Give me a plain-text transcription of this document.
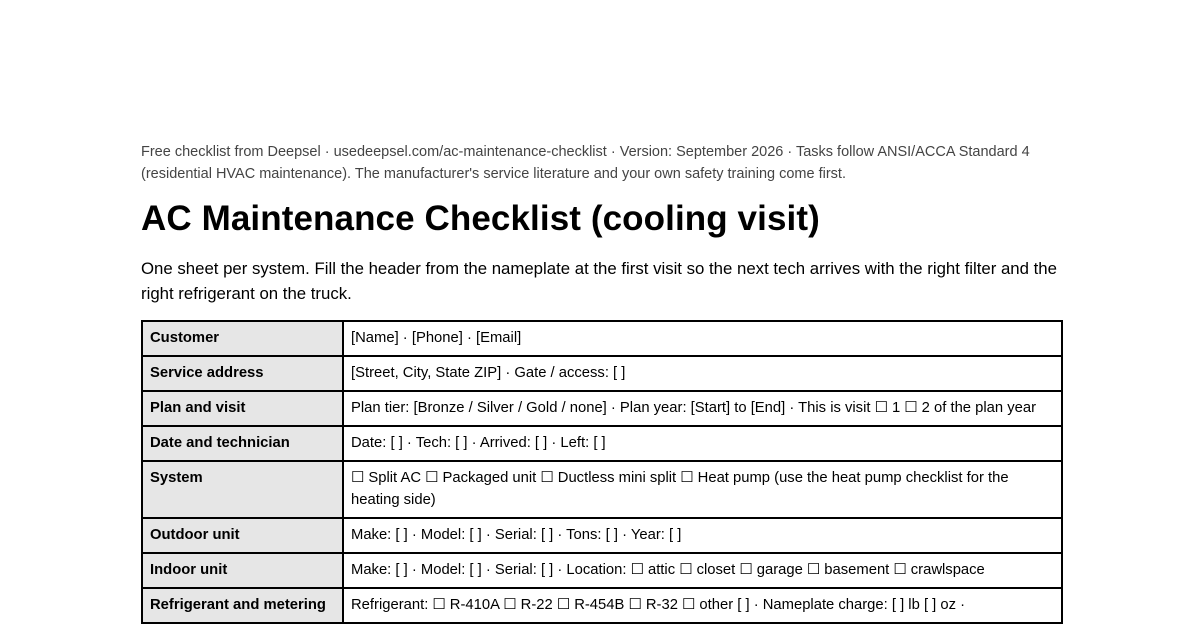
Free checklist from Deepsel · usedeepsel.com/ac-maintenance-checklist · Version: September 2026 · Tasks follow ANSI/ACCA Standard 4 (residential HVAC maintenance). The manufacturer's service literature and your own safety training come first.

AC Maintenance Checklist (cooling visit)

One sheet per system. Fill the header from the nameplate at the first visit so the next tech arrives with the right filter and the right refrigerant on the truck.

Customer	[Name] · [Phone] · [Email]
Service address	[Street, City, State ZIP] · Gate / access: [ ]
Plan and visit	Plan tier: [Bronze / Silver / Gold / none] · Plan year: [Start] to [End] · This is visit ☐ 1 ☐ 2 of the plan year
Date and technician	Date: [ ] · Tech: [ ] · Arrived: [ ] · Left: [ ]
System	☐ Split AC ☐ Packaged unit ☐ Ductless mini split ☐ Heat pump (use the heat pump checklist for the heating side)
Outdoor unit	Make: [ ] · Model: [ ] · Serial: [ ] · Tons: [ ] · Year: [ ]
Indoor unit	Make: [ ] · Model: [ ] · Serial: [ ] · Location: ☐ attic ☐ closet ☐ garage ☐ basement ☐ crawlspace
Refrigerant and metering	Refrigerant: ☐ R-410A ☐ R-22 ☐ R-454B ☐ R-32 ☐ other [ ] · Nameplate charge: [ ] lb [ ] oz ·
